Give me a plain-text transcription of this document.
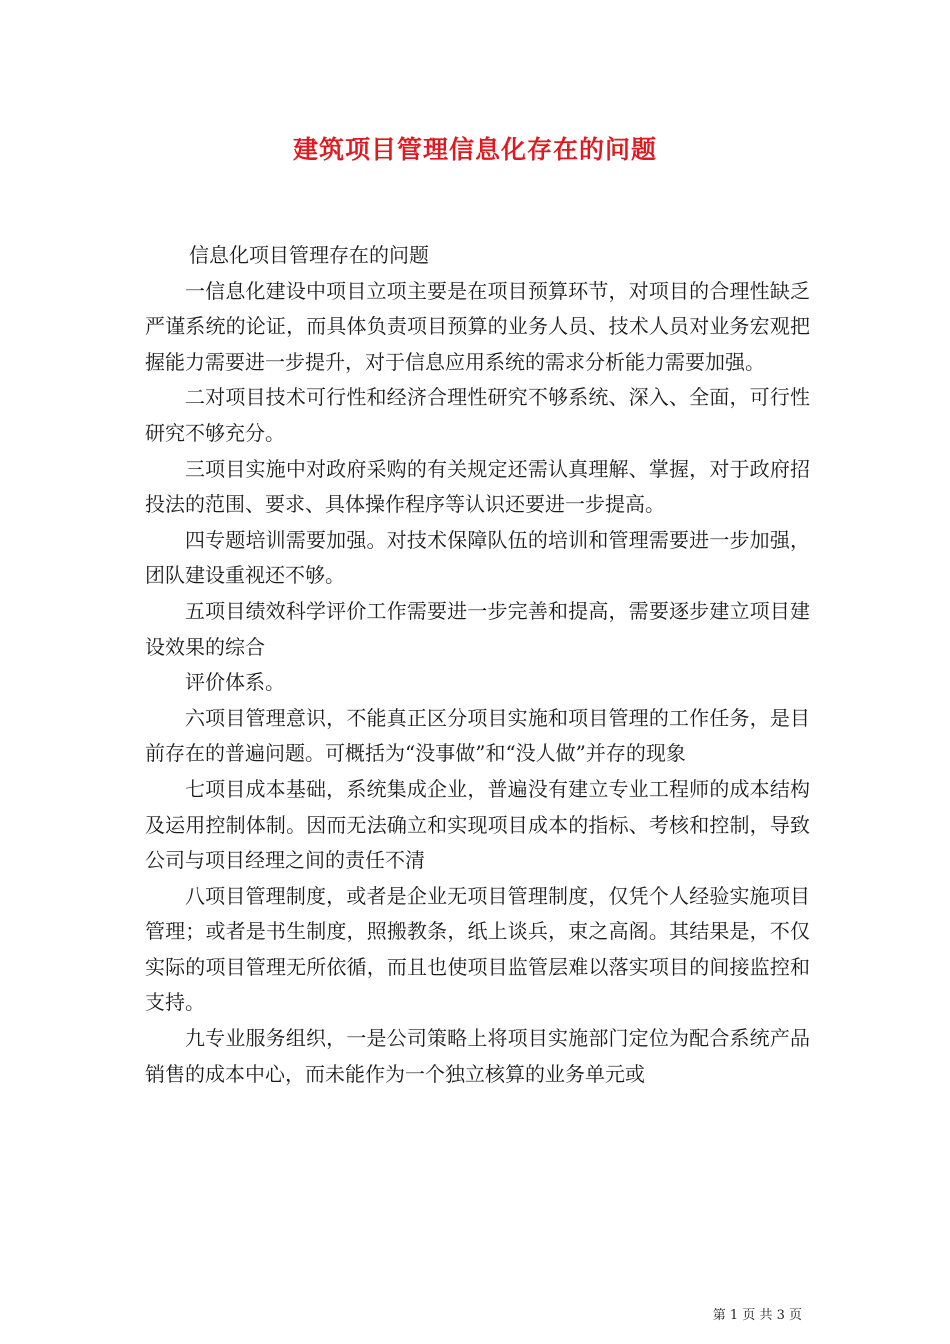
建筑项目管理信息化存在的问题

信息化项目管理存在的问题

一信息化建设中项目立项主要是在项目预算环节，对项目的合理性缺乏严谨系统的论证，而具体负责项目预算的业务人员、技术人员对业务宏观把握能力需要进一步提升，对于信息应用系统的需求分析能力需要加强。

二对项目技术可行性和经济合理性研究不够系统、深入、全面，可行性研究不够充分。

三项目实施中对政府采购的有关规定还需认真理解、掌握，对于政府招投法的范围、要求、具体操作程序等认识还要进一步提高。

四专题培训需要加强。对技术保障队伍的培训和管理需要进一步加强，团队建设重视还不够。

五项目绩效科学评价工作需要进一步完善和提高，需要逐步建立项目建设效果的综合

评价体系。

六项目管理意识，不能真正区分项目实施和项目管理的工作任务，是目前存在的普遍问题。可概括为“没事做”和“没人做”并存的现象

七项目成本基础，系统集成企业，普遍没有建立专业工程师的成本结构及运用控制体制。因而无法确立和实现项目成本的指标、考核和控制，导致公司与项目经理之间的责任不清

八项目管理制度，或者是企业无项目管理制度，仅凭个人经验实施项目管理；或者是书生制度，照搬教条，纸上谈兵，束之高阁。其结果是，不仅实际的项目管理无所依循，而且也使项目监管层难以落实项目的间接监控和支持。

九专业服务组织，一是公司策略上将项目实施部门定位为配合系统产品销售的成本中心，而未能作为一个独立核算的业务单元或

第 1 页 共 3 页
